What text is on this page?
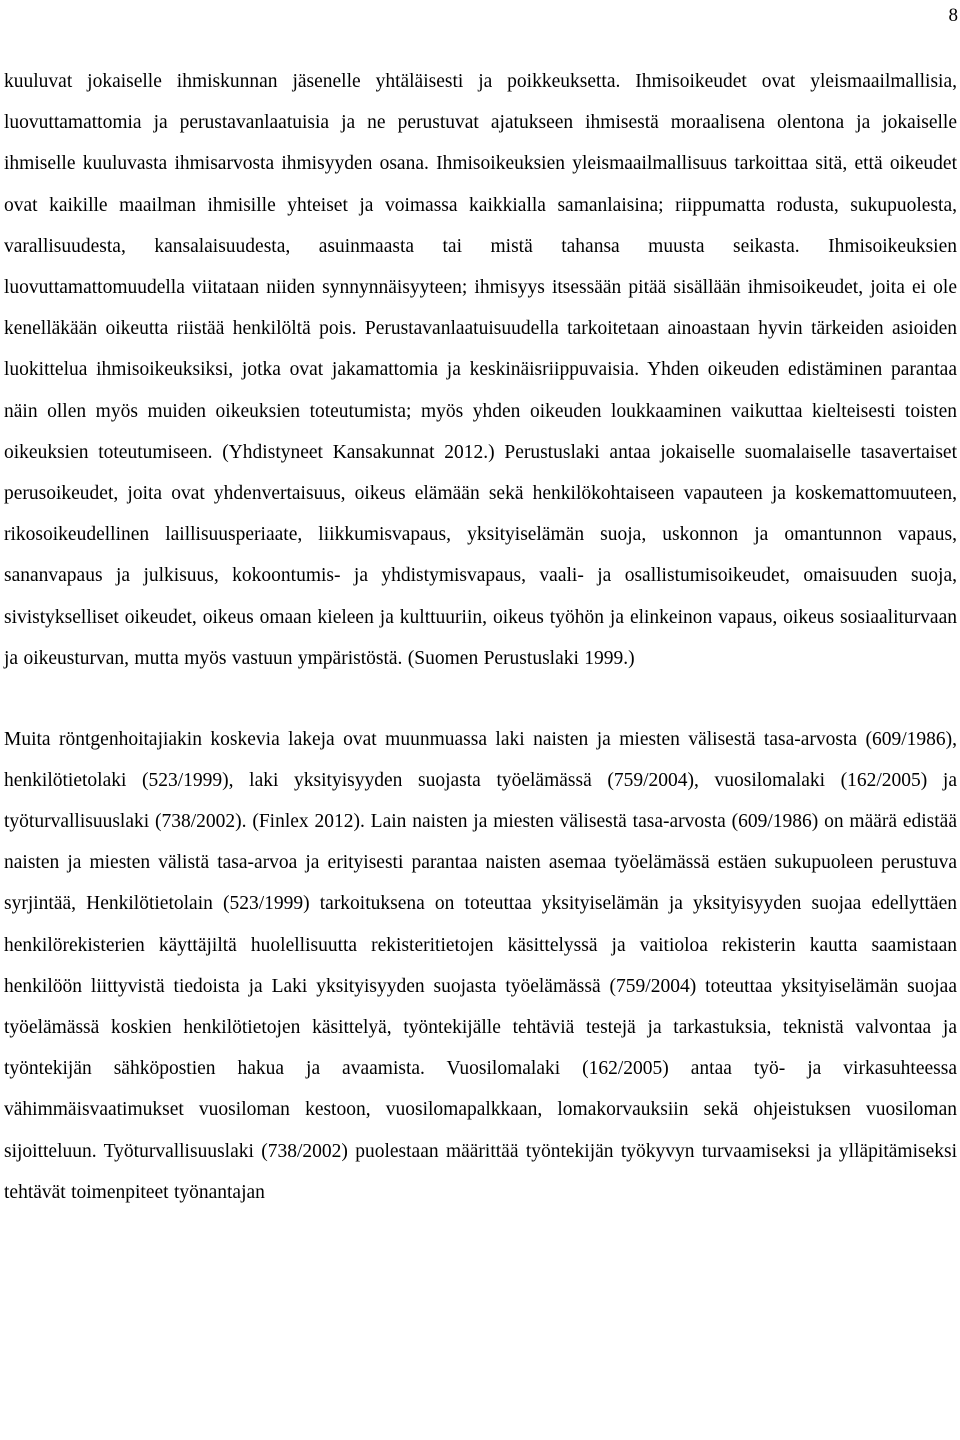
8

kuuluvat jokaiselle ihmiskunnan jäsenelle yhtäläisesti ja poikkeuksetta. Ihmisoikeudet ovat yleismaailmallisia, luovuttamattomia ja perustavanlaatuisia ja ne perustuvat ajatukseen ihmisestä moraalisena olentona ja jokaiselle ihmiselle kuuluvasta ihmisarvosta ihmisyyden osana. Ihmisoikeuksien yleismaailmallisuus tarkoittaa sitä, että oikeudet ovat kaikille maailman ihmisille yhteiset ja voimassa kaikkialla samanlaisina; riippumatta rodusta, sukupuolesta, varallisuudesta, kansalaisuudesta, asuinmaasta tai mistä tahansa muusta seikasta. Ihmisoikeuksien luovuttamattomuudella viitataan niiden synnynnäisyyteen; ihmisyys itsessään pitää sisällään ihmisoikeudet, joita ei ole kenelläkään oikeutta riistää henkilöltä pois. Perustavanlaatuisuudella tarkoitetaan ainoastaan hyvin tärkeiden asioiden luokittelua ihmisoikeuksiksi, jotka ovat jakamattomia ja keskinäisriippuvaisia. Yhden oikeuden edistäminen parantaa näin ollen myös muiden oikeuksien toteutumista; myös yhden oikeuden loukkaaminen vaikuttaa kielteisesti toisten oikeuksien toteutumiseen. (Yhdistyneet Kansakunnat 2012.) Perustuslaki antaa jokaiselle suomalaiselle tasavertaiset perusoikeudet, joita ovat yhdenvertaisuus, oikeus elämään sekä henkilökohtaiseen vapauteen ja koskemattomuuteen, rikosoikeudellinen laillisuusperiaate, liikkumisvapaus, yksityiselämän suoja, uskonnon ja omantunnon vapaus, sananvapaus ja julkisuus, kokoontumis- ja yhdistymisvapaus, vaali- ja osallistumisoikeudet, omaisuuden suoja, sivistykselliset oikeudet, oikeus omaan kieleen ja kulttuuriin, oikeus työhön ja elinkeinon vapaus, oikeus sosiaaliturvaan ja oikeusturvan, mutta myös vastuun ympäristöstä. (Suomen Perustuslaki 1999.)

Muita röntgenhoitajiakin koskevia lakeja ovat muunmuassa laki naisten ja miesten välisestä tasa-arvosta (609/1986), henkilötietolaki (523/1999), laki yksityisyyden suojasta työelämässä (759/2004), vuosilomalaki (162/2005) ja työturvallisuuslaki (738/2002). (Finlex 2012). Lain naisten ja miesten välisestä tasa-arvosta (609/1986) on määrä edistää naisten ja miesten välistä tasa-arvoa ja erityisesti parantaa naisten asemaa työelämässä estäen sukupuoleen perustuva syrjintää, Henkilötietolain (523/1999) tarkoituksena on toteuttaa yksityiselämän ja yksityisyyden suojaa edellyttäen henkilörekisterien käyttäjiltä huolellisuutta rekisteritietojen käsittelyssä ja vaitioloa rekisterin kautta saamistaan henkilöön liittyvistä tiedoista ja Laki yksityisyyden suojasta työelämässä (759/2004) toteuttaa yksityiselämän suojaa työelämässä koskien henkilötietojen käsittelyä, työntekijälle tehtäviä testejä ja tarkastuksia, teknistä valvontaa ja työntekijän sähköpostien hakua ja avaamista. Vuosilomalaki (162/2005) antaa työ- ja virkasuhteessa vähimmäisvaatimukset vuosiloman kestoon, vuosilomapalkkaan, lomakorvauksiin sekä ohjeistuksen vuosiloman sijoitteluun. Työturvallisuuslaki (738/2002) puolestaan määrittää työntekijän työkyvyn turvaamiseksi ja ylläpitämiseksi tehtävät toimenpiteet työnantajan
